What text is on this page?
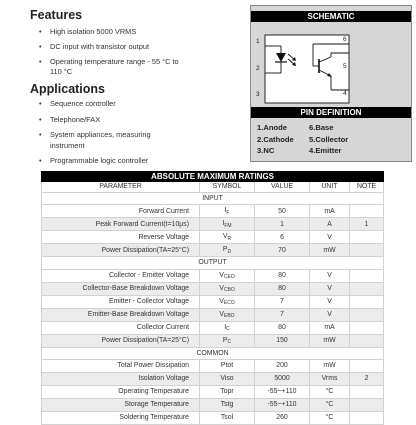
Features
• High isolation 5000 VRMS
• DC input with transistor output
• Operating temperature range - 55 °C to
110 °C
Applications
• Sequence controller
• Telephone/FAX
• System appliances, measuring
instrument
• Programmable logic controller
SCHEMATIC
1
2
3
6
5
4
PIN DEFINITION
1.Anode
2.Cathode
3.NC
6.Base
5.Collector
4.Emitter
ABSOLUTE MAXIMUM RATINGS				
PARAMETER	SYMBOL	VALUE	UNIT	NOTE
INPUT				
Forward Current	$I_F$	50	mA	
Peak Forward Current(t=10μs)	$I_{FM}$	1	A	1
Reverse Voltage	$V_R$	6	V	
Power Dissipation(TA=25°C)	$P_D$	70	mW	
OUTPUT				
Collector - Emitter Voltage	$V_{CEO}$	80	V	
Collector-Base Breakdown Voltage	$V_{CBO}$	80	V	
Emitter - Collector Voltage	$V_{ECO}$	7	V	
Emitter-Base Breakdown Voltage	$V_{EBO}$	7	V	
Collector Current	$I_C$	80	mA	
Power Dissipation(TA=25°C)	$P_C$	150	mW	
COMMON				
Total Power Dissipation	Ptot	200	mW	
Isolation Voltage	Viso	5000	Vrms	2
Operating Temperature	Topr	-55~+110	°C	
Storage Temperature	Tstg	-55~+110	°C	
Soldering Temperature	Tsol	260	°C	
